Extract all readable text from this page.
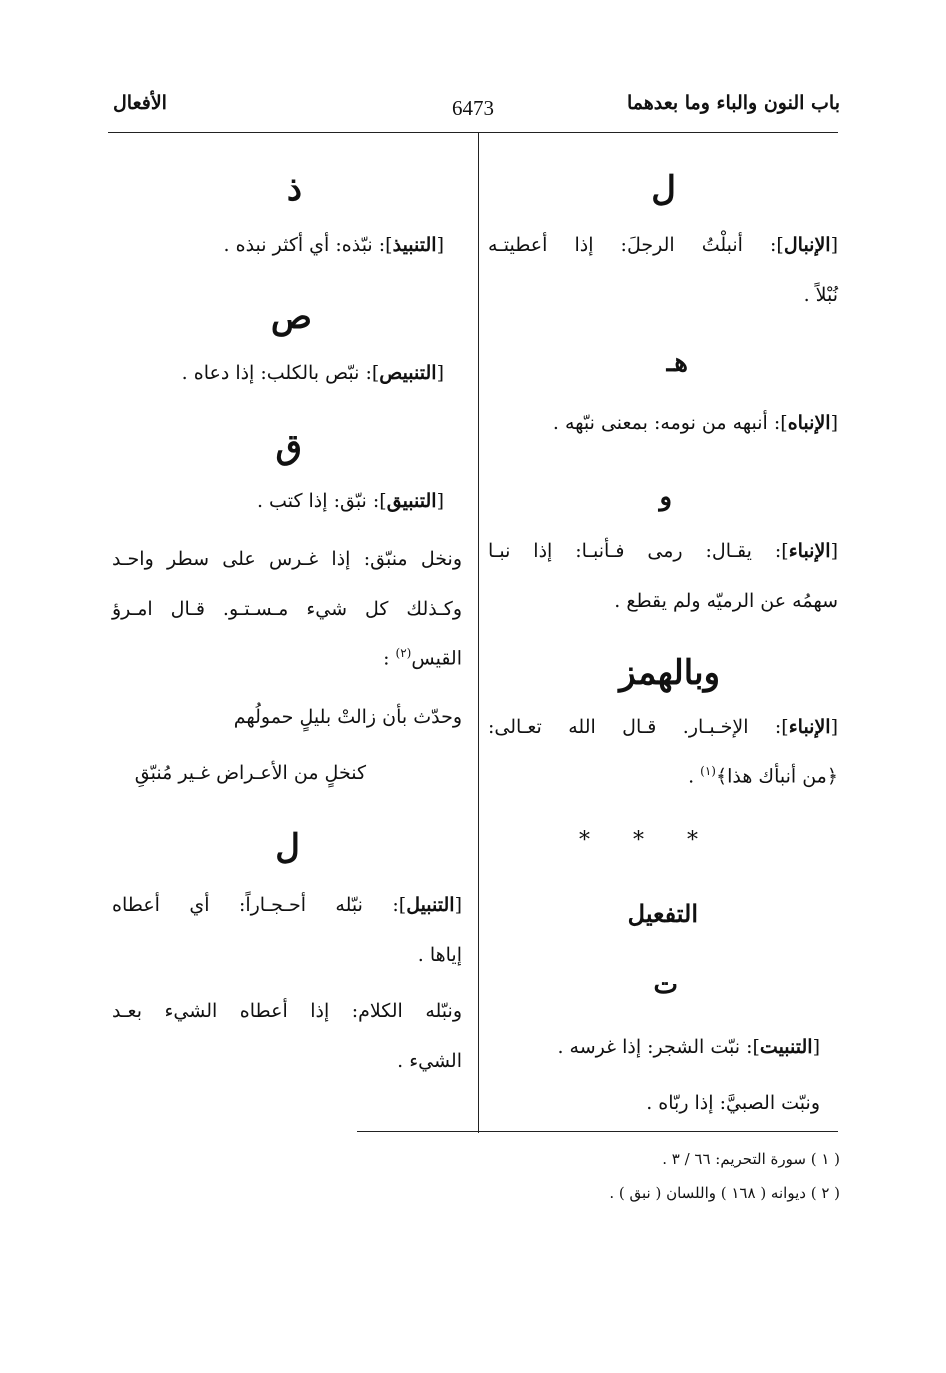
باب النون والباء وما بعدهما
6473
الأفعال
ل
[الإنبال]: أنبلْتُ الرجلَ: إذا أعطيتـه
نُبْلاً .
هـ
[الإنباه]: أنبهه من نومه: بمعنى نبّهه .
و
[الإنباء]: يقـال: رمى فـأنبـا: إذا نبـا
سهمُه عن الرميّه ولم يقطع .
وبالهمز
[الإنباء]: الإخـبـار. قـال الله تعـالى:
﴿من أنبأك هذا﴾$^{(١)}$ .
* * *
التفعيل
ت
[التنبيت]: نبّت الشجر: إذا غرسه .
ونبّت الصبيَّ: إذا ربّاه .
ذ
[التنبيذ]: نبّذه: أي أكثر نبذه .
ص
[التنبيص]: نبّص بالكلب: إذا دعاه .
ق
[التنبيق]: نبّق: إذا كتب .
ونخل منبّق: إذا غـرس على سطر واحـد
وكـذلك كل شيء مـسـتـو. قـال امـرؤ
القيس$^{(٢)}$ :
وحدّث بأن زالتْ بليلٍ حمولُهم
كنخلٍ من الأعـراض غـير مُنبّقِ
ل
[التنبيل]: نبّله أحـجـاراً: أي أعطاه
إياها .
ونبّله الكلام: إذا أعطاه الشيء بعـد
الشيء .
( ١ ) سورة التحريم: ٦٦ / ٣ .
( ٢ ) ديوانه ( ١٦٨ ) واللسان ( نبق ) .
